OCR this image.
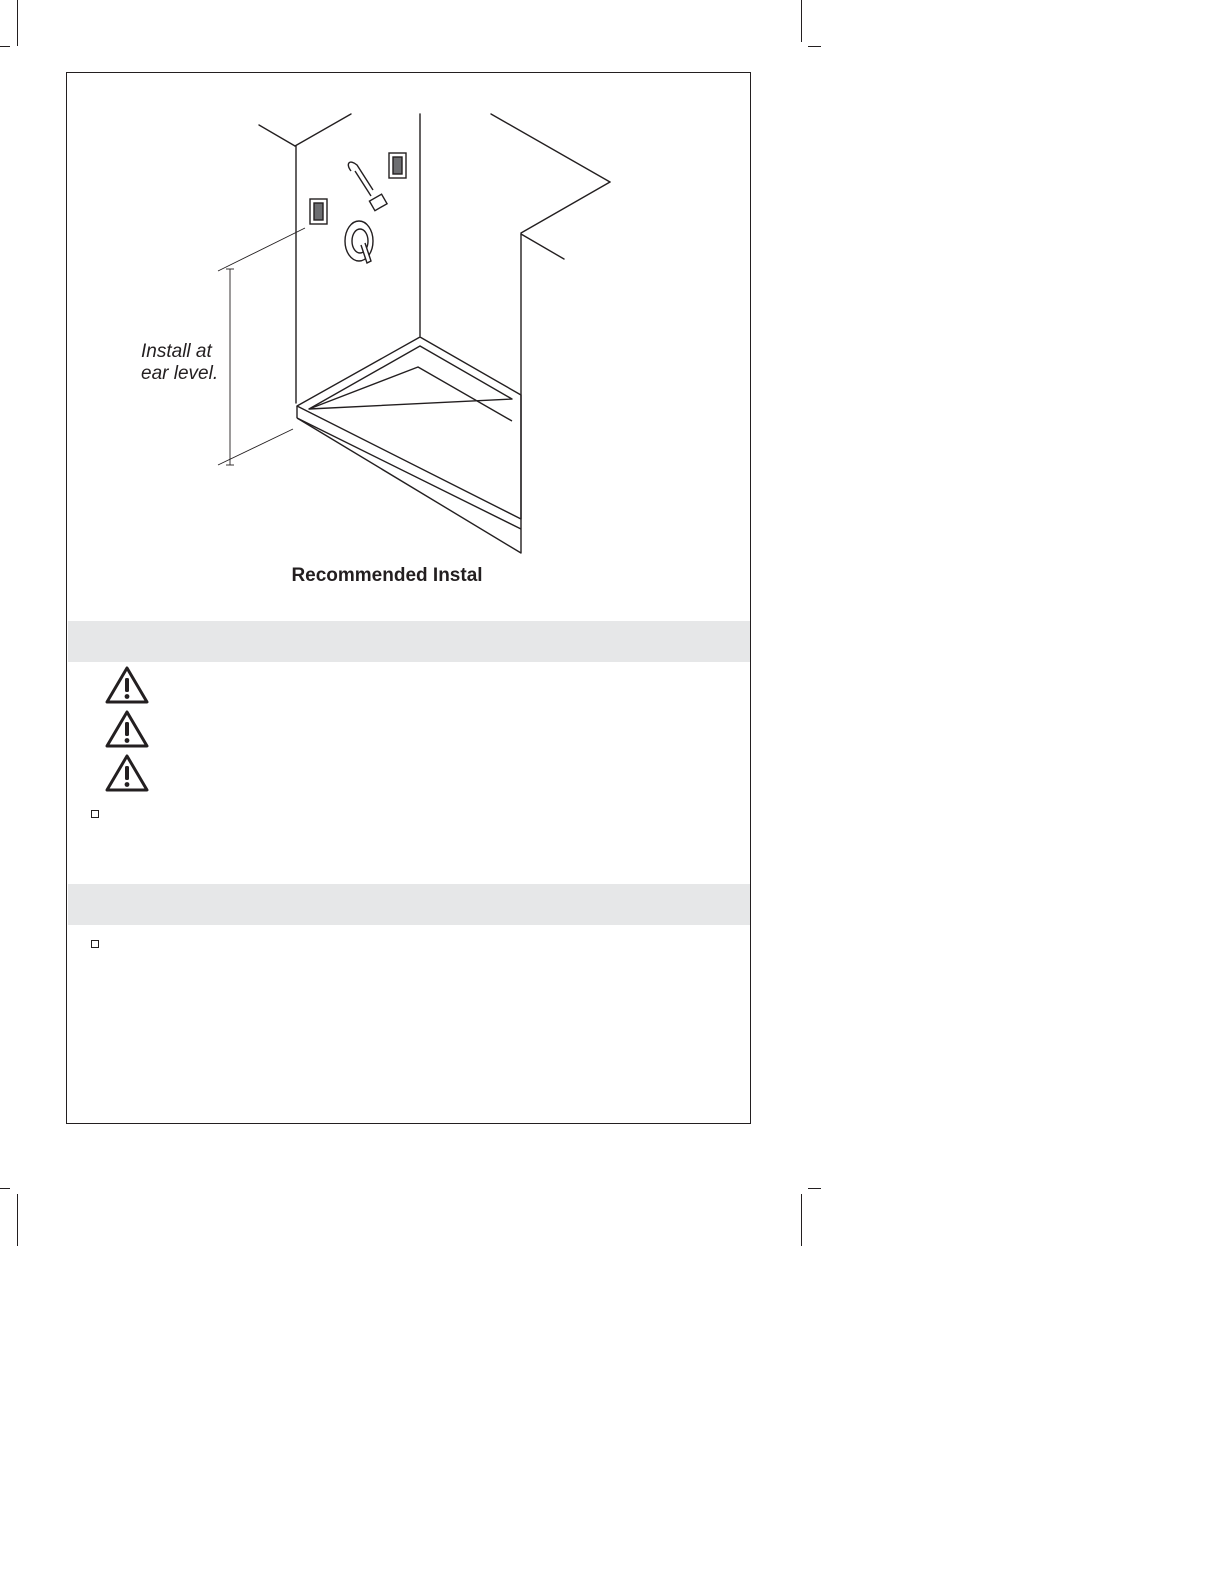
Install at
ear level.
Recommended Instal
